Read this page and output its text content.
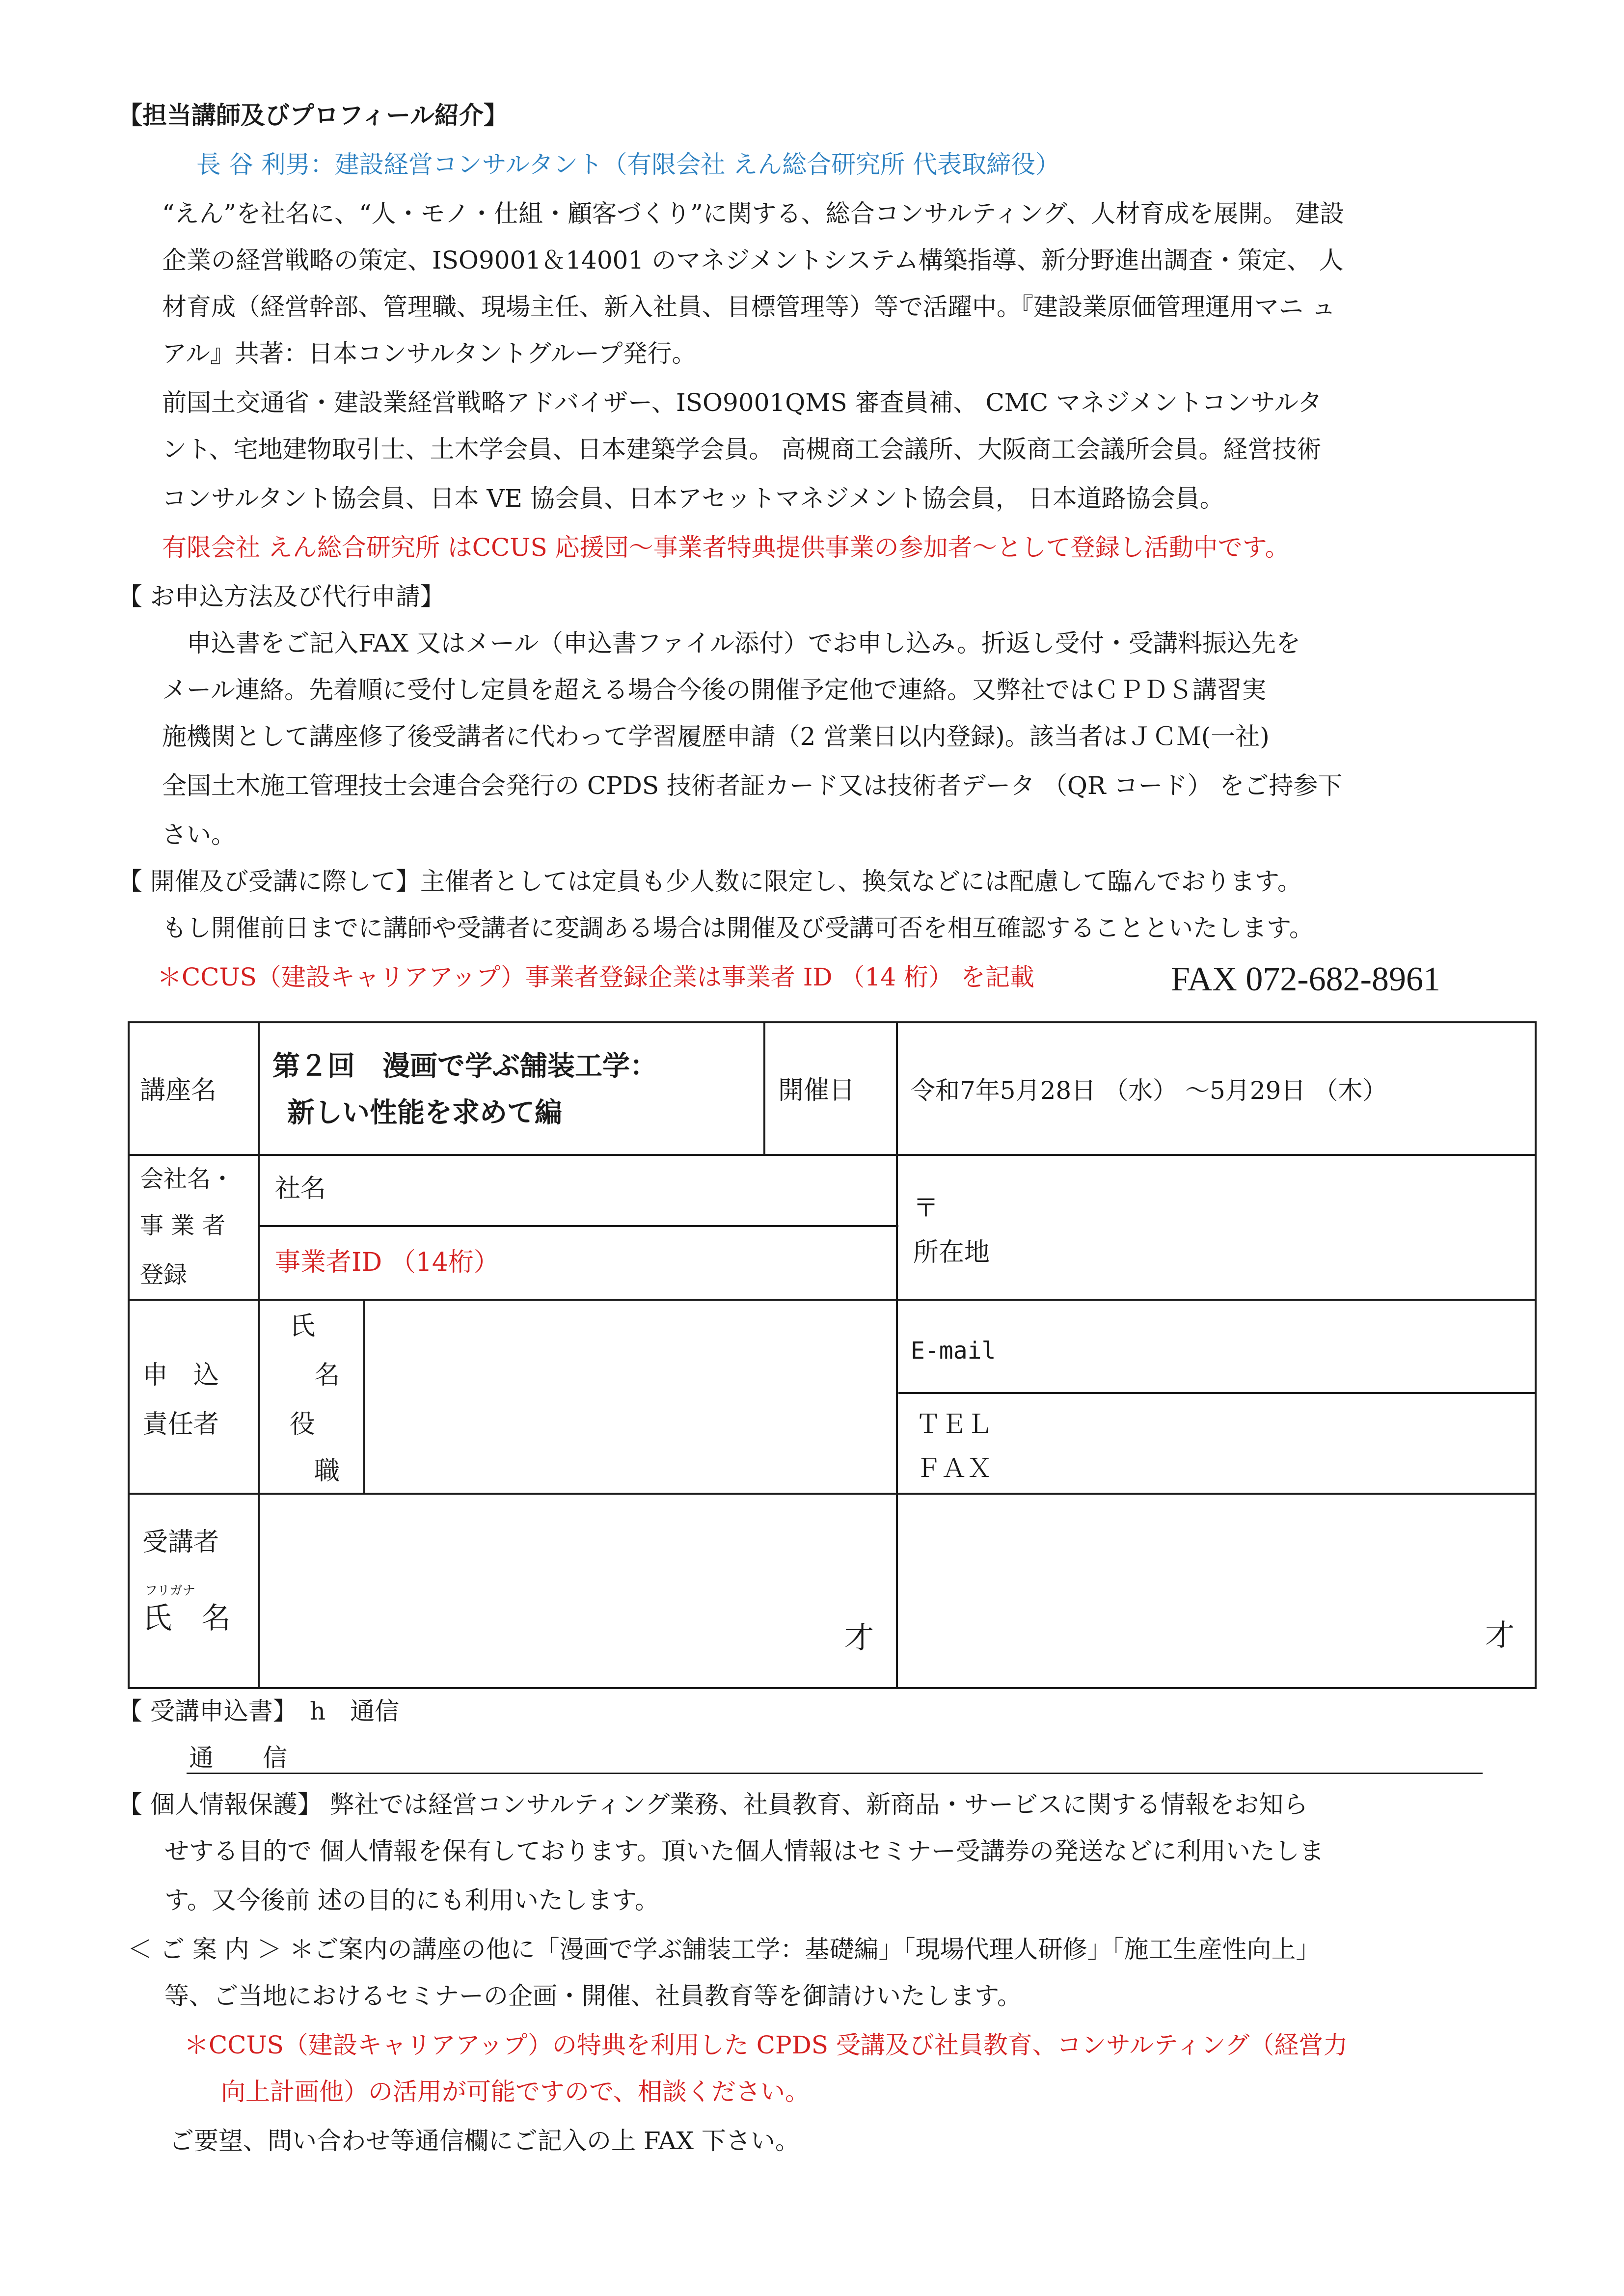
【担当講師及びプロフィール紹介】
長 谷 利男：建設経営コンサルタント（有限会社 えん総合研究所 代表取締役）
“えん”を社名に、“人・モノ・仕組・顧客づくり”に関する、総合コンサルティング、人材育成を展開。 建設
企業の経営戦略の策定、ISO9001＆14001 のマネジメントシステム構築指導、新分野進出調査・策定、 人
材育成（経営幹部、管理職、現場主任、新入社員、目標管理等）等で活躍中。『建設業原価管理運用マニ ュ
アル』共著：日本コンサルタントグループ発行。
前国土交通省・建設業経営戦略アドバイザー、ISO9001QMS 審査員補、 CMC マネジメントコンサルタ
ント、宅地建物取引士、土木学会員、日本建築学会員。 高槻商工会議所、大阪商工会議所会員。経営技術
コンサルタント協会員、日本 VE 協会員、日本アセットマネジメント協会員， 日本道路協会員。
有限会社 えん総合研究所 はCCUS 応援団～事業者特典提供事業の参加者～として登録し活動中です。
【 お申込方法及び代行申請】
申込書をご記入FAX 又はメール（申込書ファイル添付）でお申し込み。折返し受付・受講料振込先を
メール連絡。先着順に受付し定員を超える場合今後の開催予定他で連絡。又弊社ではＣＰＤＳ講習実
施機関として講座修了後受講者に代わって学習履歴申請（2 営業日以内登録)。該当者はＪＣＭ(一社)
全国土木施工管理技士会連合会発行の CPDS 技術者証カード又は技術者データ （QR コード） をご持参下
さい。
【 開催及び受講に際して】主催者としては定員も少人数に限定し、換気などには配慮して臨んでおります。
もし開催前日までに講師や受講者に変調ある場合は開催及び受講可否を相互確認することといたします。
＊CCUS（建設キャリアアップ）事業者登録企業は事業者 ID （14 桁） を記載	FAX 072-682-8961
講座名
第２回　漫画で学ぶ舗装工学：
新しい性能を求めて編
開催日 令和7年5月28日 （水） ～5月29日 （木）
会社名・
事 業 者
登録
社名
事業者ID （14桁）
〒
所在地
申　込
責任者
氏
名
役
職
E-mail
ＴＥＬ
ＦＡＸ
受講者
フリガナ
氏　名
才	才
【 受講申込書】　h　通信
通　　信
【 個人情報保護】 弊社では経営コンサルティング業務、社員教育、新商品・サービスに関する情報をお知ら
せする目的で 個人情報を保有しております。頂いた個人情報はセミナー受講券の発送などに利用いたしま
す。又今後前 述の目的にも利用いたします。
＜ ご 案 内 ＞ ＊ご案内の講座の他に「漫画で学ぶ舗装工学：基礎編」「現場代理人研修」「施工生産性向上」
等、ご当地におけるセミナーの企画・開催、社員教育等を御請けいたします。
＊CCUS（建設キャリアアップ）の特典を利用した CPDS 受講及び社員教育、コンサルティング（経営力
向上計画他）の活用が可能ですので、相談ください。
ご要望、問い合わせ等通信欄にご記入の上 FAX 下さい。
